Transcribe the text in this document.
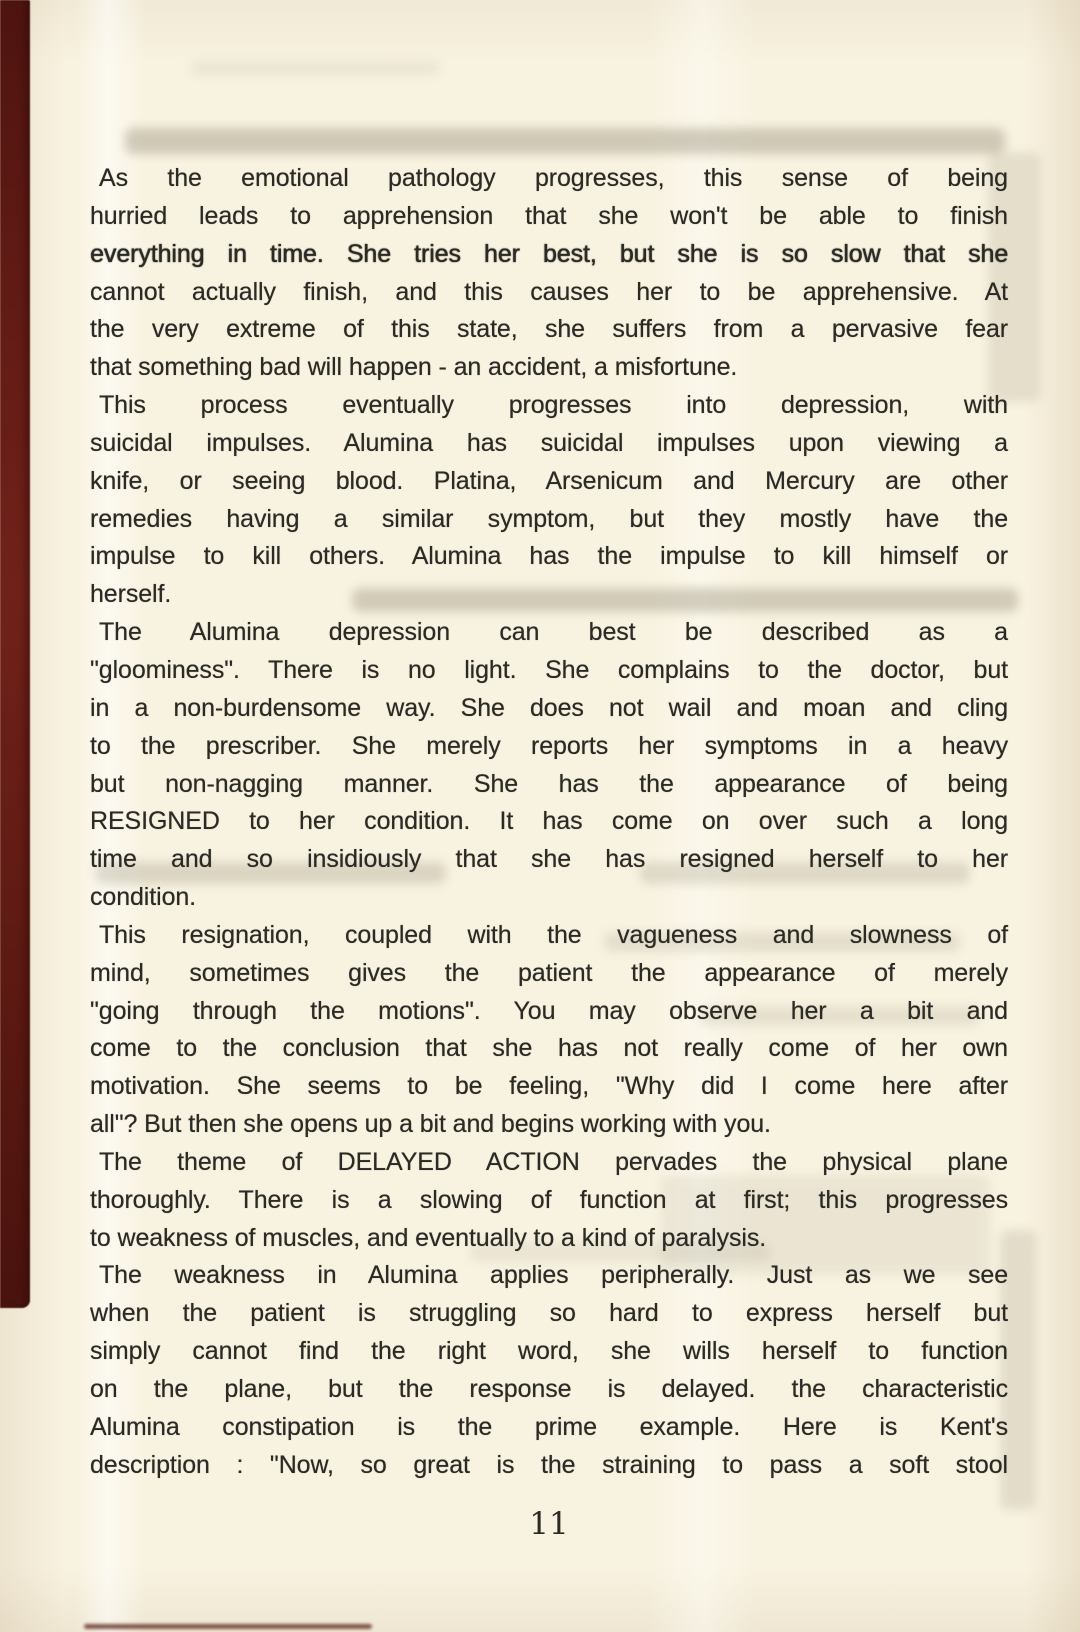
As the emotional pathology progresses, this sense of being
hurried leads to apprehension that she won't be able to finish
everything in time. She tries her best, but she is so slow that she
cannot actually finish, and this causes her to be apprehensive. At
the very extreme of this state, she suffers from a pervasive fear
that something bad will happen - an accident, a misfortune.

This process eventually progresses into depression, with
suicidal impulses. Alumina has suicidal impulses upon viewing a
knife, or seeing blood. Platina, Arsenicum and Mercury are other
remedies having a similar symptom, but they mostly have the
impulse to kill others. Alumina has the impulse to kill himself or
herself.

The Alumina depression can best be described as a
"gloominess". There is no light. She complains to the doctor, but
in a non-burdensome way. She does not wail and moan and cling
to the prescriber. She merely reports her symptoms in a heavy
but non-nagging manner. She has the appearance of being
RESIGNED to her condition. It has come on over such a long
time and so insidiously that she has resigned herself to her
condition.

This resignation, coupled with the vagueness and slowness of
mind, sometimes gives the patient the appearance of merely
"going through the motions". You may observe her a bit and
come to the conclusion that she has not really come of her own
motivation. She seems to be feeling, "Why did I come here after
all"? But then she opens up a bit and begins working with you.

The theme of DELAYED ACTION pervades the physical plane
thoroughly. There is a slowing of function at first; this progresses
to weakness of muscles, and eventually to a kind of paralysis.

The weakness in Alumina applies peripherally. Just as we see
when the patient is struggling so hard to express herself but
simply cannot find the right word, she wills herself to function
on the plane, but the response is delayed. the characteristic
Alumina constipation is the prime example. Here is Kent's
description : "Now, so great is the straining to pass a soft stool

11
